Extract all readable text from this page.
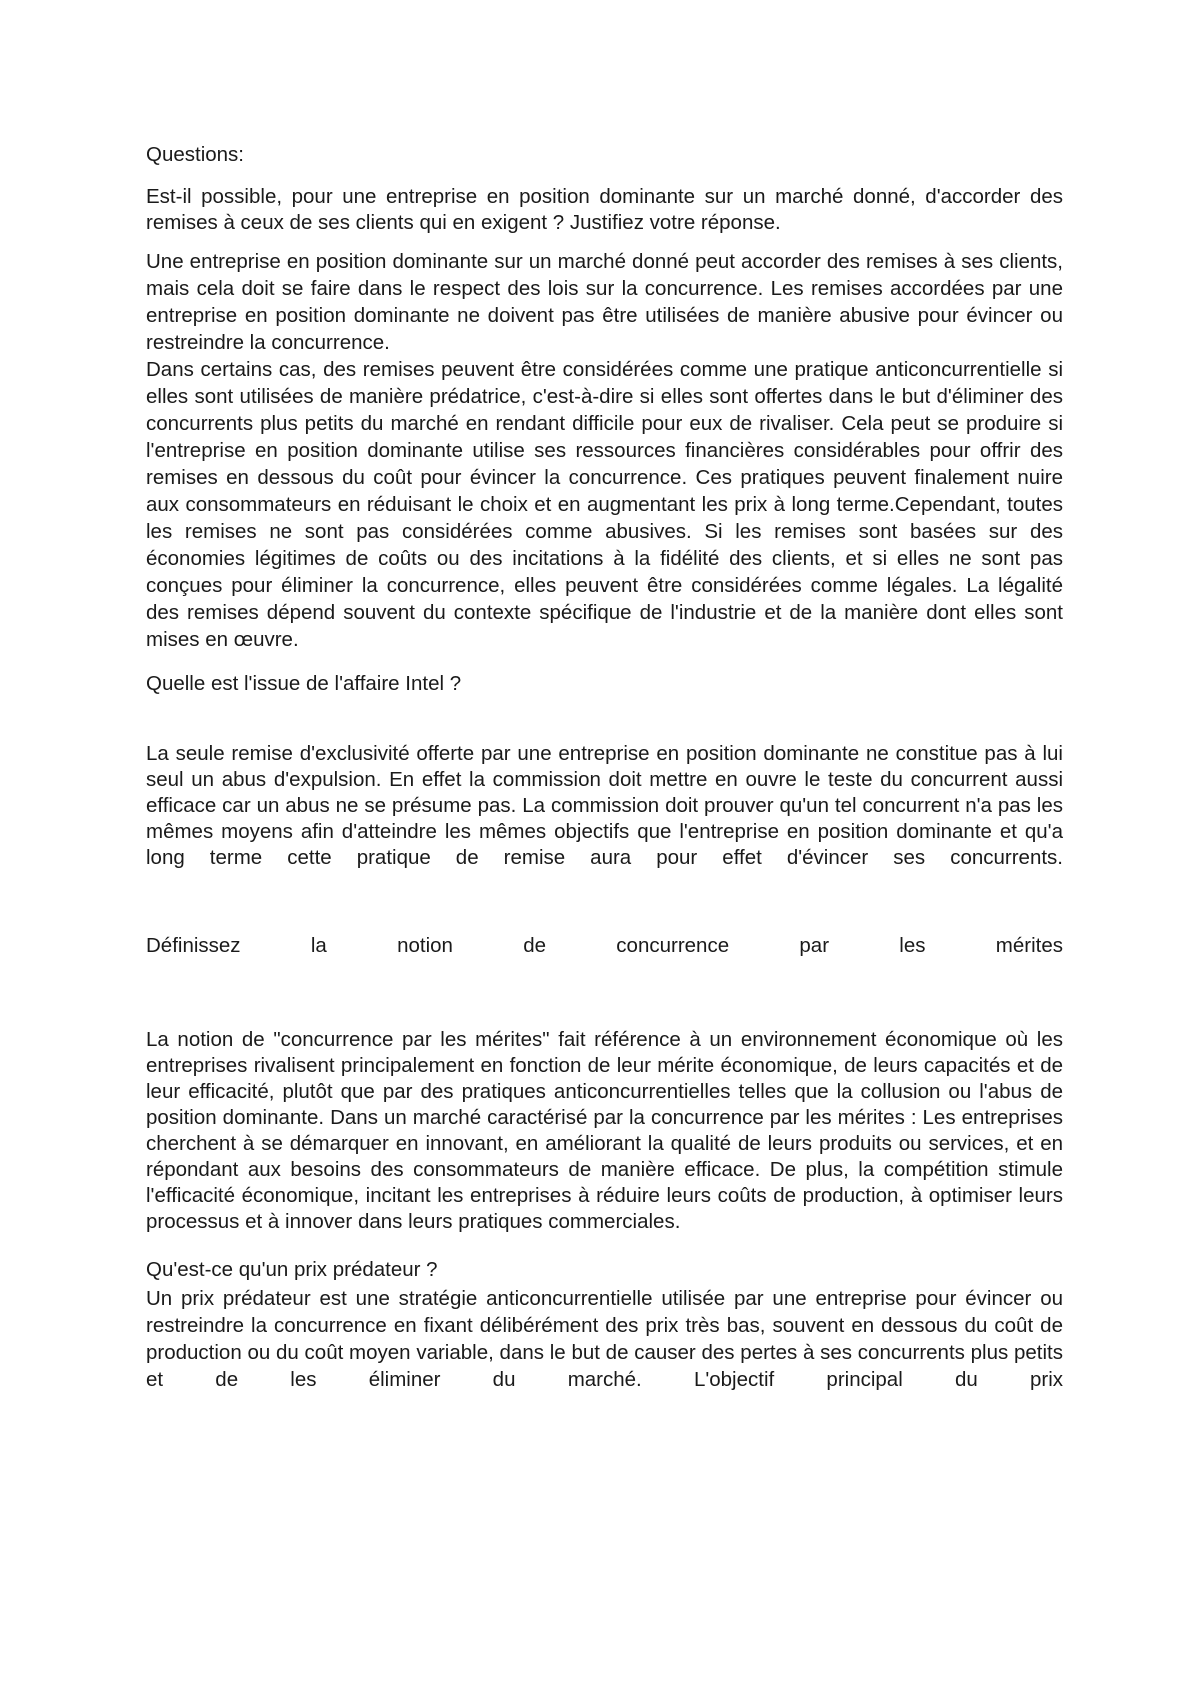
Questions:

Est-il possible, pour une entreprise en position dominante sur un marché donné, d'accorder des remises à ceux de ses clients qui en exigent ? Justifiez votre réponse.

Une entreprise en position dominante sur un marché donné peut accorder des remises à ses clients, mais cela doit se faire dans le respect des lois sur la concurrence. Les remises accordées par une entreprise en position dominante ne doivent pas être utilisées de manière abusive pour évincer ou restreindre la concurrence.

Dans certains cas, des remises peuvent être considérées comme une pratique anticoncurrentielle si elles sont utilisées de manière prédatrice, c'est-à-dire si elles sont offertes dans le but d'éliminer des concurrents plus petits du marché en rendant difficile pour eux de rivaliser. Cela peut se produire si l'entreprise en position dominante utilise ses ressources financières considérables pour offrir des remises en dessous du coût pour évincer la concurrence. Ces pratiques peuvent finalement nuire aux consommateurs en réduisant le choix et en augmentant les prix à long terme.Cependant, toutes les remises ne sont pas considérées comme abusives. Si les remises sont basées sur des économies légitimes de coûts ou des incitations à la fidélité des clients, et si elles ne sont pas conçues pour éliminer la concurrence, elles peuvent être considérées comme légales. La légalité des remises dépend souvent du contexte spécifique de l'industrie et de la manière dont elles sont mises en œuvre.

Quelle est l'issue de l'affaire Intel ?

La seule remise d'exclusivité offerte par une entreprise en position dominante ne constitue pas à lui seul un abus d'expulsion. En effet la commission doit mettre en ouvre le teste du concurrent aussi efficace car un abus ne se présume pas. La commission doit prouver qu'un tel concurrent n'a pas les mêmes moyens afin d'atteindre les mêmes objectifs que l'entreprise en position dominante et qu'a long terme cette pratique de remise aura pour effet d'évincer ses concurrents.

Définissez la notion de concurrence par les mérites

La notion de "concurrence par les mérites" fait référence à un environnement économique où les entreprises rivalisent principalement en fonction de leur mérite économique, de leurs capacités et de leur efficacité, plutôt que par des pratiques anticoncurrentielles telles que la collusion ou l'abus de position dominante. Dans un marché caractérisé par la concurrence par les mérites : Les entreprises cherchent à se démarquer en innovant, en améliorant la qualité de leurs produits ou services, et en répondant aux besoins des consommateurs de manière efficace. De plus, la compétition stimule l'efficacité économique, incitant les entreprises à réduire leurs coûts de production, à optimiser leurs processus et à innover dans leurs pratiques commerciales.

Qu'est-ce qu'un prix prédateur ?

Un prix prédateur est une stratégie anticoncurrentielle utilisée par une entreprise pour évincer ou restreindre la concurrence en fixant délibérément des prix très bas, souvent en dessous du coût de production ou du coût moyen variable, dans le but de causer des pertes à ses concurrents plus petits et de les éliminer du marché. L'objectif principal du prix
